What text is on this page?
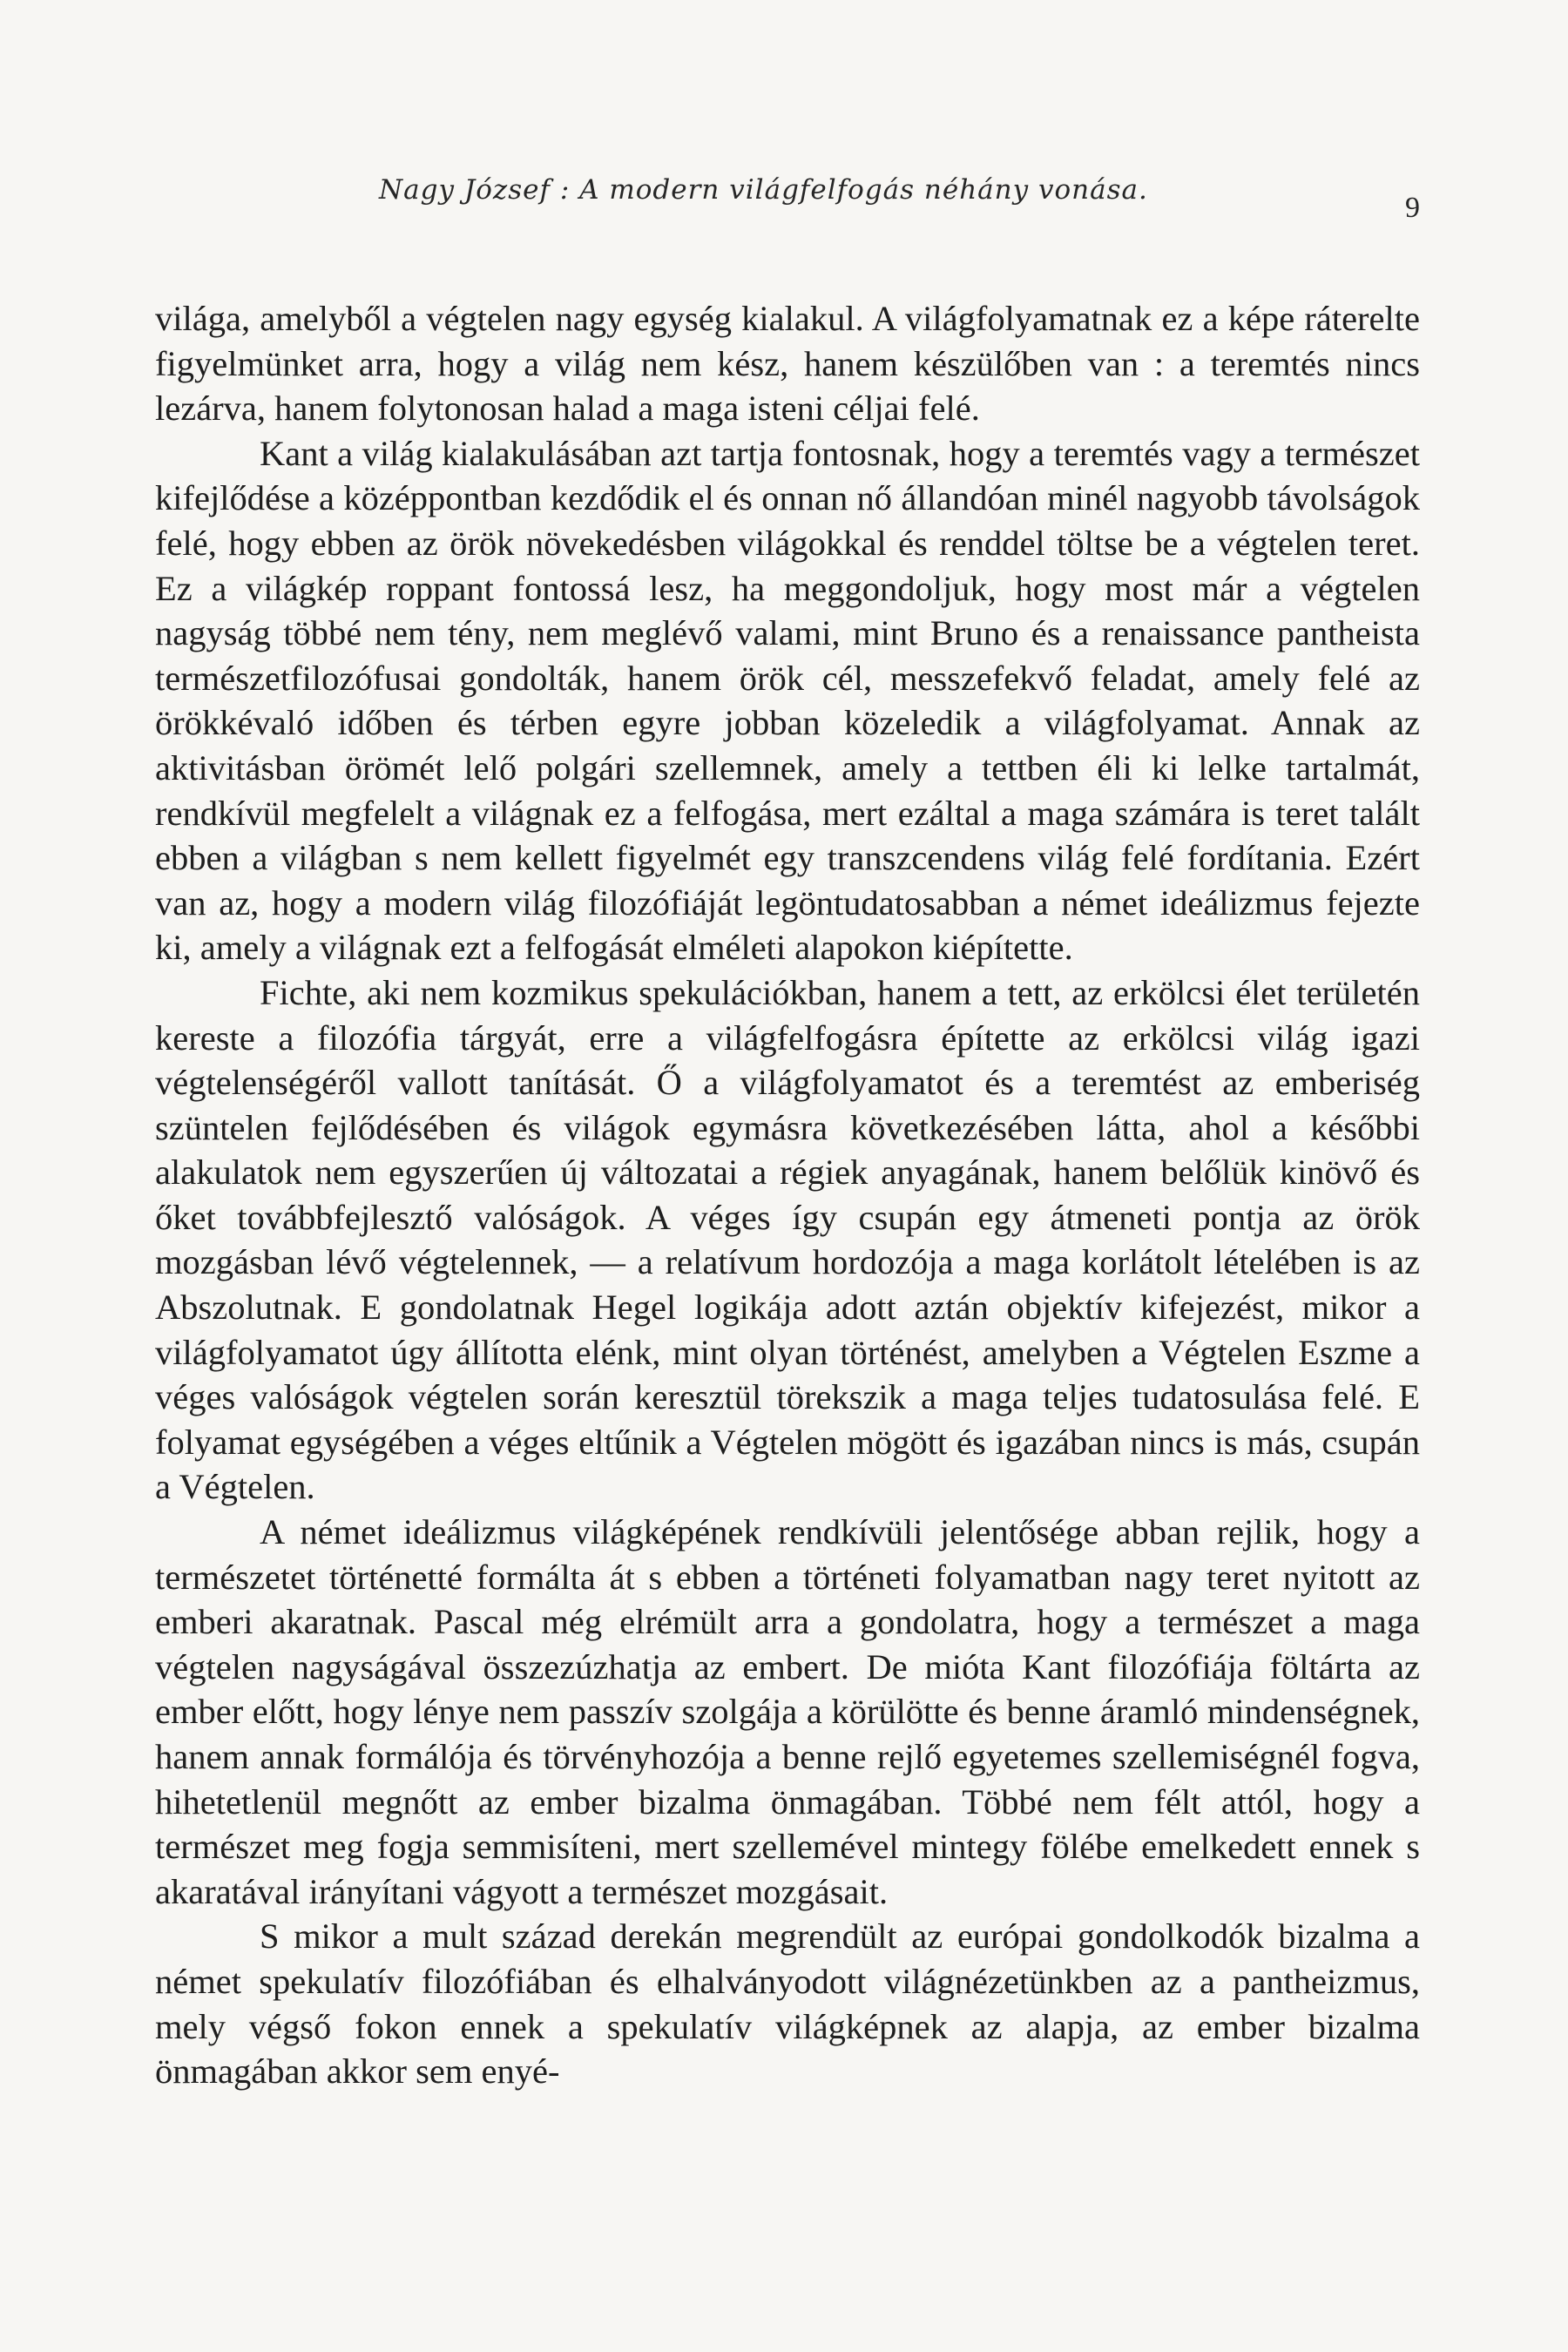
Nagy József : A modern világfelfogás néhány vonása.
9

világa, amelyből a végtelen nagy egység kialakul. A világfolyamatnak ez a képe ráterelte figyelmünket arra, hogy a világ nem kész, hanem készülőben van : a teremtés nincs lezárva, hanem folytonosan halad a maga isteni céljai felé.

Kant a világ kialakulásában azt tartja fontosnak, hogy a teremtés vagy a természet kifejlődése a középpontban kezdődik el és onnan nő állandóan minél nagyobb távolságok felé, hogy ebben az örök növekedésben világokkal és renddel töltse be a végtelen teret. Ez a világkép roppant fontossá lesz, ha meggondoljuk, hogy most már a végtelen nagyság többé nem tény, nem meglévő valami, mint Bruno és a renaissance pantheista természetfilozófusai gondolták, hanem örök cél, messzefekvő feladat, amely felé az örökkévaló időben és térben egyre jobban közeledik a világfolyamat. Annak az aktivitásban örömét lelő polgári szellemnek, amely a tettben éli ki lelke tartalmát, rendkívül megfelelt a világnak ez a felfogása, mert ezáltal a maga számára is teret talált ebben a világban s nem kellett figyelmét egy transzcendens világ felé fordítania. Ezért van az, hogy a modern világ filozófiáját legöntudatosabban a német ideálizmus fejezte ki, amely a világnak ezt a felfogását elméleti alapokon kiépítette.

Fichte, aki nem kozmikus spekulációkban, hanem a tett, az erkölcsi élet területén kereste a filozófia tárgyát, erre a világfelfogásra építette az erkölcsi világ igazi végtelenségéről vallott tanítását. Ő a világfolyamatot és a teremtést az emberiség szüntelen fejlődésében és világok egymásra következésében látta, ahol a későbbi alakulatok nem egyszerűen új változatai a régiek anyagának, hanem belőlük kinövő és őket továbbfejlesztő valóságok. A véges így csupán egy átmeneti pontja az örök mozgásban lévő végtelennek, — a relatívum hordozója a maga korlátolt lételében is az Abszolutnak. E gondolatnak Hegel logikája adott aztán objektív kifejezést, mikor a világfolyamatot úgy állította elénk, mint olyan történést, amelyben a Végtelen Eszme a véges valóságok végtelen során keresztül törekszik a maga teljes tudatosulása felé. E folyamat egységében a véges eltűnik a Végtelen mögött és igazában nincs is más, csupán a Végtelen.

A német ideálizmus világképének rendkívüli jelentősége abban rejlik, hogy a természetet történetté formálta át s ebben a történeti folyamatban nagy teret nyitott az emberi akaratnak. Pascal még elrémült arra a gondolatra, hogy a természet a maga végtelen nagyságával összezúzhatja az embert. De mióta Kant filozófiája föltárta az ember előtt, hogy lénye nem passzív szolgája a körülötte és benne áramló mindenségnek, hanem annak formálója és törvényhozója a benne rejlő egyetemes szellemiségnél fogva, hihetetlenül megnőtt az ember bizalma önmagában. Többé nem félt attól, hogy a természet meg fogja semmisíteni, mert szellemével mintegy fölébe emelkedett ennek s akaratával irányítani vágyott a természet mozgásait.

S mikor a mult század derekán megrendült az európai gondolkodók bizalma a német spekulatív filozófiában és elhalványodott világnézetünkben az a pantheizmus, mely végső fokon ennek a spekulatív világképnek az alapja, az ember bizalma önmagában akkor sem enyé-
